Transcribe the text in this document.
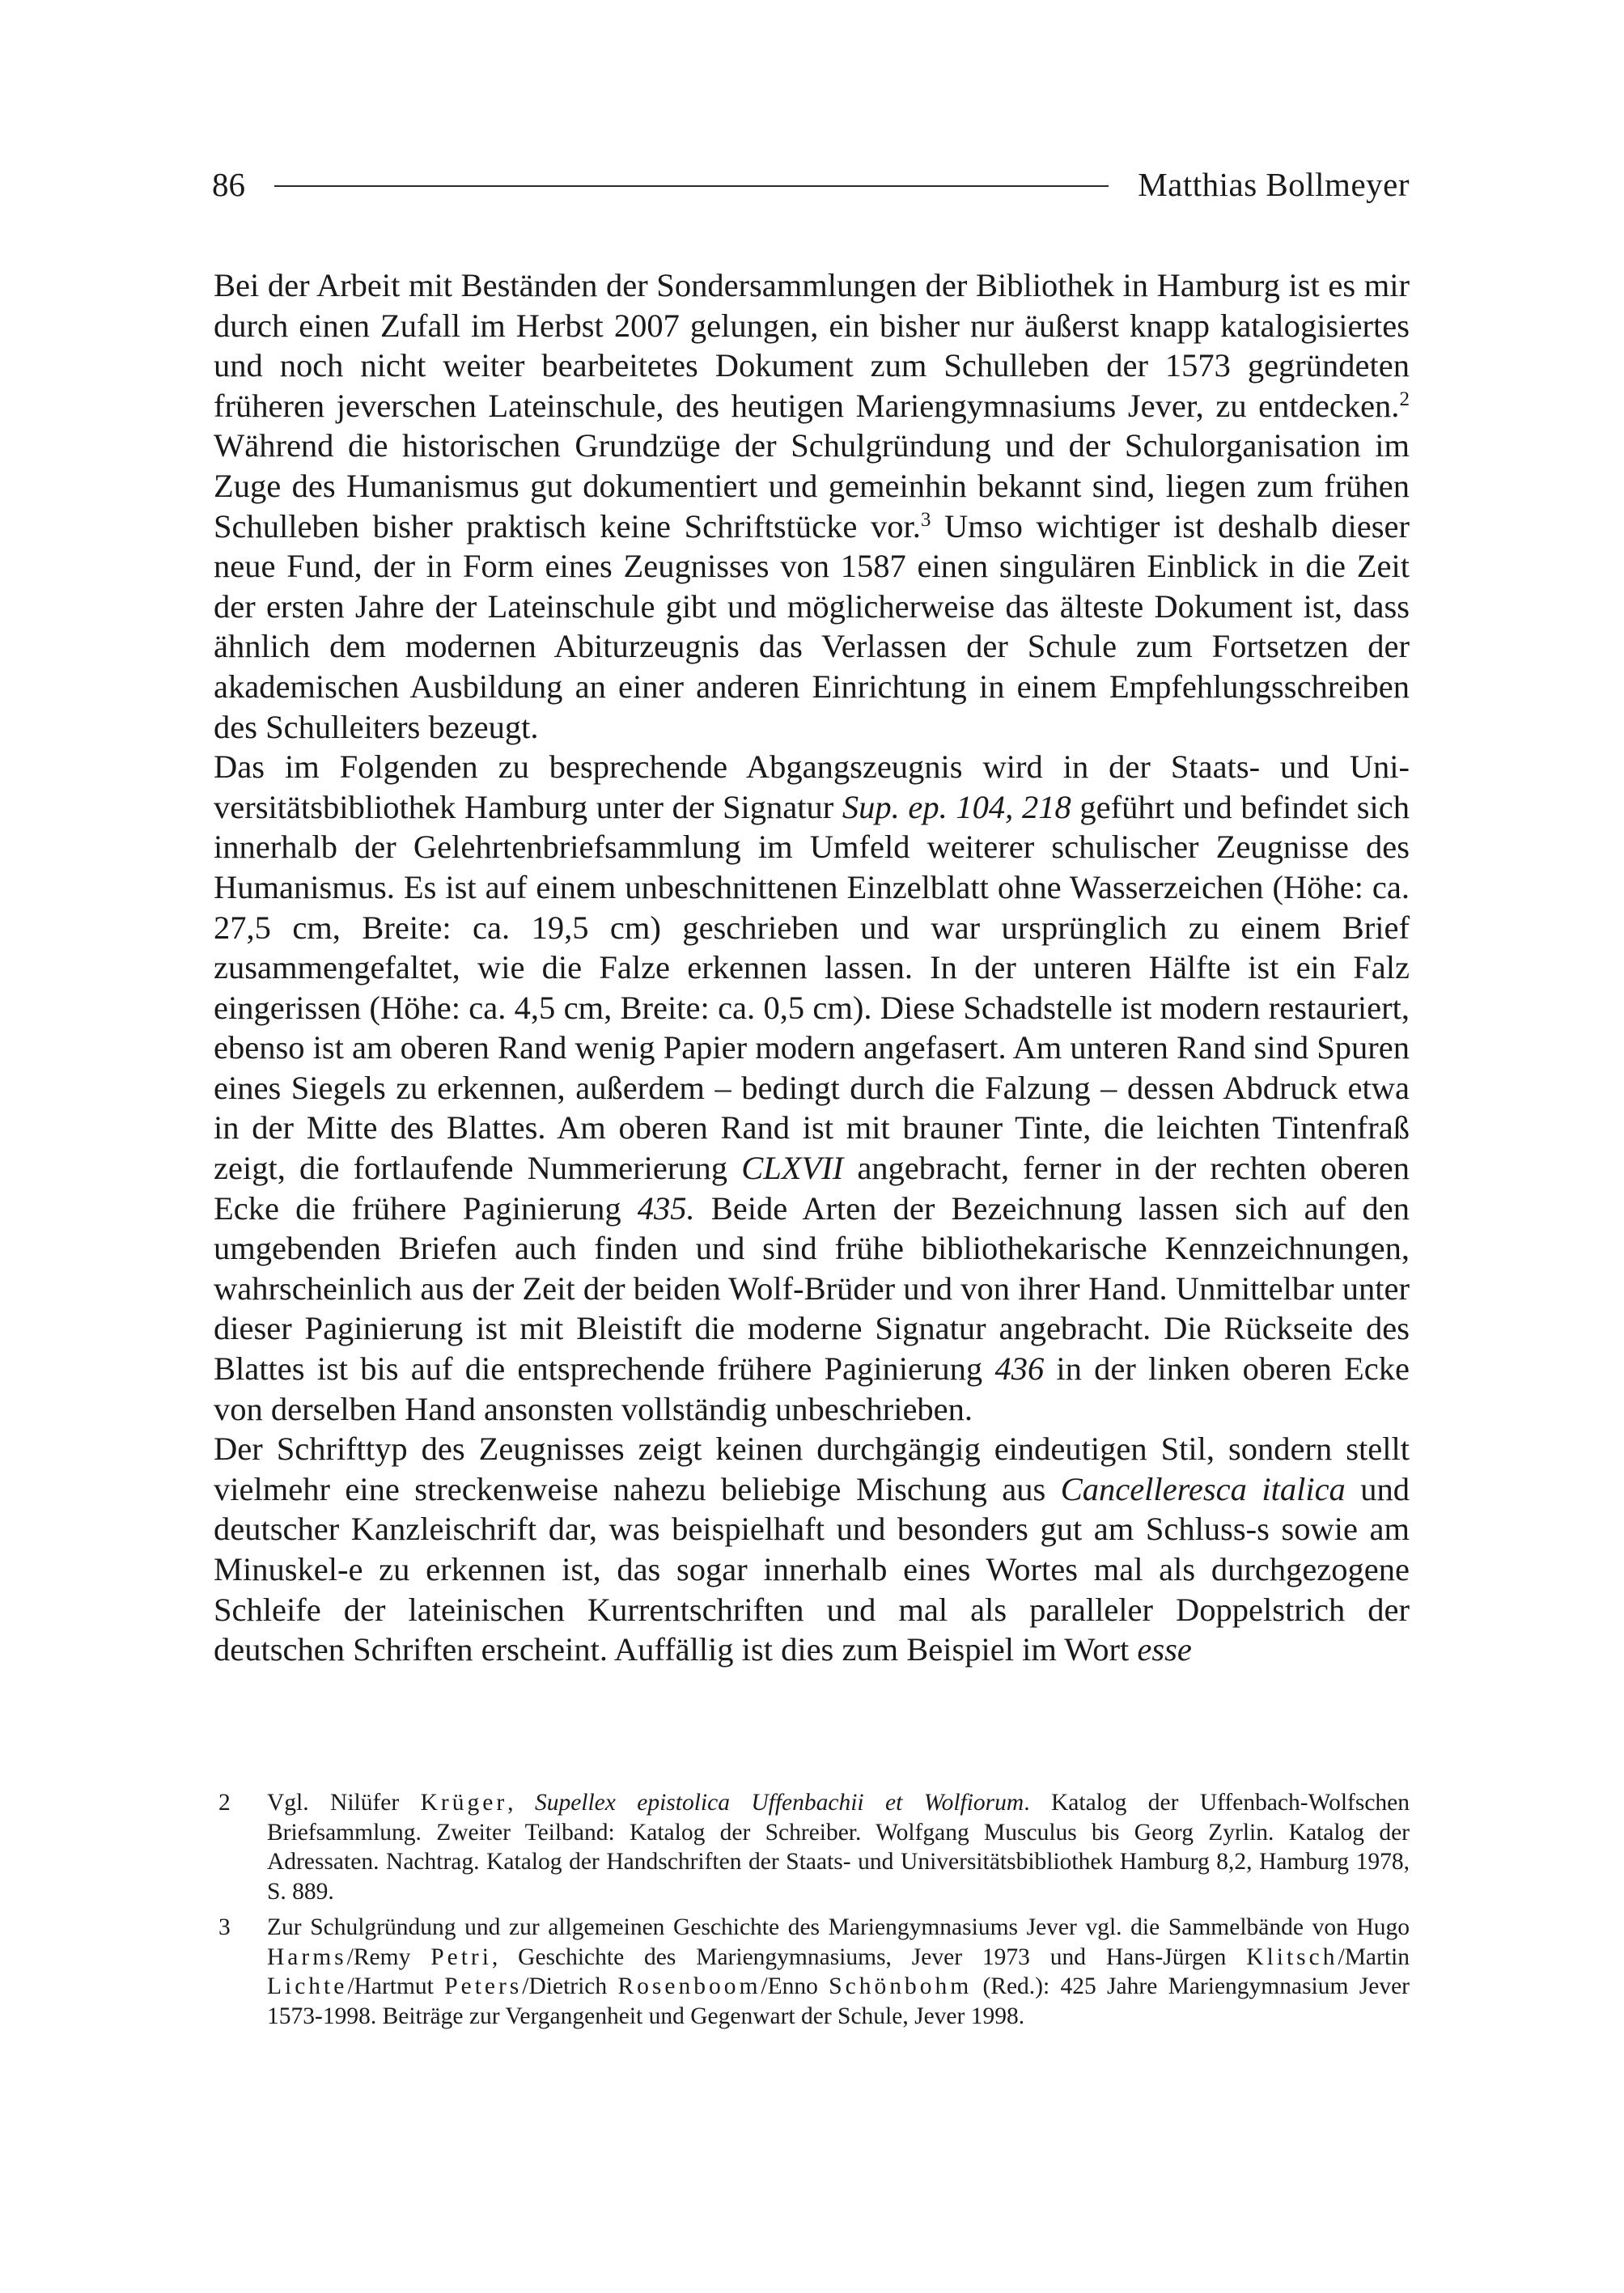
86	Matthias Bollmeyer

Bei der Arbeit mit Beständen der Sondersammlungen der Bibliothek in Hamburg ist es mir durch einen Zufall im Herbst 2007 gelungen, ein bisher nur äußerst knapp katalogisiertes und noch nicht weiter bearbeitetes Dokument zum Schulleben der 1573 gegründeten früheren jeverschen Lateinschule, des heutigen Mariengymnasiums Jever, zu entdecken.$^2$ Während die historischen Grundzüge der Schulgründung und der Schulorganisation im Zuge des Humanismus gut dokumentiert und gemeinhin bekannt sind, liegen zum frühen Schulleben bisher praktisch keine Schriftstücke vor.$^3$ Umso wichtiger ist deshalb dieser neue Fund, der in Form eines Zeugnisses von 1587 einen singulären Einblick in die Zeit der ersten Jahre der Lateinschule gibt und möglicherweise das älteste Dokument ist, dass ähnlich dem modernen Abiturzeugnis das Verlassen der Schule zum Fortsetzen der akademischen Ausbildung an einer anderen Einrichtung in einem Empfehlungsschreiben des Schulleiters bezeugt.

Das im Folgenden zu besprechende Abgangszeugnis wird in der Staats- und Universitätsbibliothek Hamburg unter der Signatur Sup. ep. 104, 218 geführt und befindet sich innerhalb der Gelehrtenbriefsammlung im Umfeld weiterer schulischer Zeugnisse des Humanismus. Es ist auf einem unbeschnittenen Einzelblatt ohne Wasserzeichen (Höhe: ca. 27,5 cm, Breite: ca. 19,5 cm) geschrieben und war ursprünglich zu einem Brief zusammengefaltet, wie die Falze erkennen lassen. In der unteren Hälfte ist ein Falz eingerissen (Höhe: ca. 4,5 cm, Breite: ca. 0,5 cm). Diese Schadstelle ist modern restauriert, ebenso ist am oberen Rand wenig Papier modern angefasert. Am unteren Rand sind Spuren eines Siegels zu erkennen, außerdem – bedingt durch die Falzung – dessen Abdruck etwa in der Mitte des Blattes. Am oberen Rand ist mit brauner Tinte, die leichten Tintenfraß zeigt, die fortlaufende Nummerierung CLXVII angebracht, ferner in der rechten oberen Ecke die frühere Paginierung 435. Beide Arten der Bezeichnung lassen sich auf den umgebenden Briefen auch finden und sind frühe bibliothekarische Kennzeichnungen, wahrscheinlich aus der Zeit der beiden Wolf-Brüder und von ihrer Hand. Unmittelbar unter dieser Paginierung ist mit Bleistift die moderne Signatur angebracht. Die Rückseite des Blattes ist bis auf die entsprechende frühere Paginierung 436 in der linken oberen Ecke von derselben Hand ansonsten vollständig unbeschrieben.

Der Schrifttyp des Zeugnisses zeigt keinen durchgängig eindeutigen Stil, sondern stellt vielmehr eine streckenweise nahezu beliebige Mischung aus Cancelleresca italica und deutscher Kanzleischrift dar, was beispielhaft und besonders gut am Schluss-s sowie am Minuskel-e zu erkennen ist, das sogar innerhalb eines Wortes mal als durchgezogene Schleife der lateinischen Kurrentschriften und mal als paralleler Doppelstrich der deutschen Schriften erscheint. Auffällig ist dies zum Beispiel im Wort esse

2	Vgl. Nilüfer Krüger, Supellex epistolica Uffenbachii et Wolfiorum. Katalog der Uffenbach-Wolfschen Briefsammlung. Zweiter Teilband: Katalog der Schreiber. Wolfgang Musculus bis Georg Zyrlin. Katalog der Adressaten. Nachtrag. Katalog der Handschriften der Staats- und Universitätsbibliothek Hamburg 8,2, Hamburg 1978, S. 889.
3	Zur Schulgründung und zur allgemeinen Geschichte des Mariengymnasiums Jever vgl. die Sammelbände von Hugo Harms/Remy Petri, Geschichte des Mariengymnasiums, Jever 1973 und Hans-Jürgen Klitsch/Martin Lichte/Hartmut Peters/Dietrich Rosenboom/Enno Schönbohm (Red.): 425 Jahre Mariengymnasium Jever 1573-1998. Beiträge zur Vergangenheit und Gegenwart der Schule, Jever 1998.
